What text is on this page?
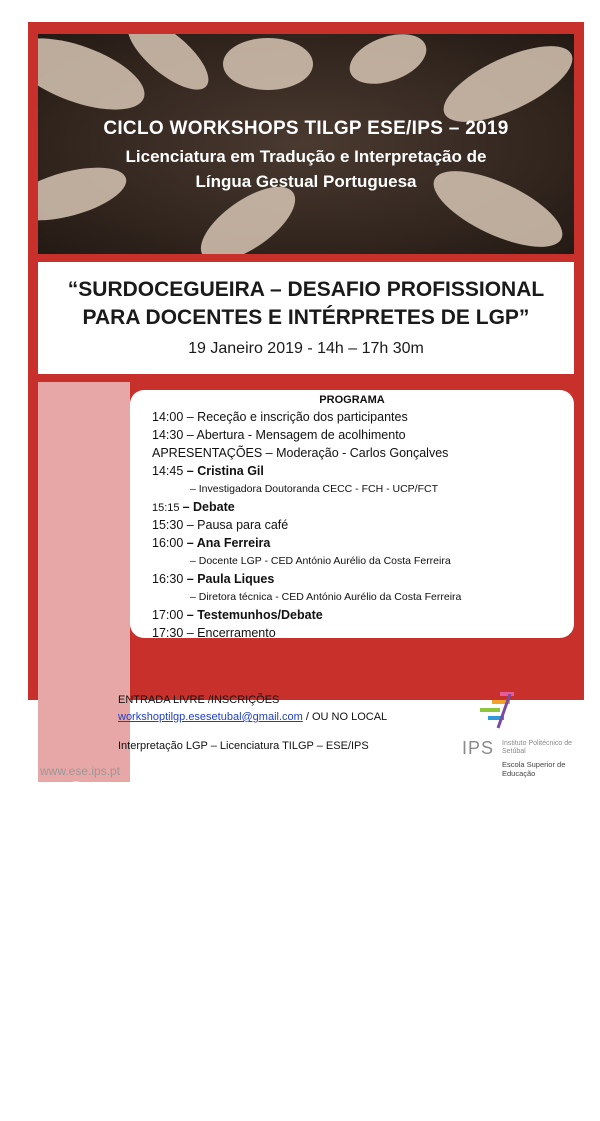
CICLO WORKSHOPS TILGP ESE/IPS – 2019
Licenciatura em Tradução e Interpretação de
Língua Gestual Portuguesa
“SURDOCEGUEIRA – DESAFIO PROFISSIONAL
PARA DOCENTES E INTÉRPRETES DE LGP”
19 Janeiro 2019 - 14h – 17h 30m
WORKSHOP
PROGRAMA
14:00 – Receção e inscrição dos participantes
14:30 – Abertura - Mensagem de acolhimento
APRESENTAÇÕES – Moderação - Carlos Gonçalves
14:45 – Cristina Gil
– Investigadora Doutoranda CECC - FCH - UCP/FCT
15:15 – Debate
15:30 – Pausa para café
16:00 – Ana Ferreira
– Docente LGP - CED António Aurélio da Costa Ferreira
16:30 – Paula Liques
– Diretora técnica - CED António Aurélio da Costa Ferreira
17:00 – Testemunhos/Debate
17:30 – Encerramento
ENTRADA LIVRE /INSCRIÇÕES
workshoptilgp.esesetubal@gmail.com / OU NO LOCAL
Interpretação LGP – Licenciatura TILGP – ESE/IPS
www.ese.ips.pt
IPS Instituto Politécnico de Setúbal
Escola Superior de Educação
